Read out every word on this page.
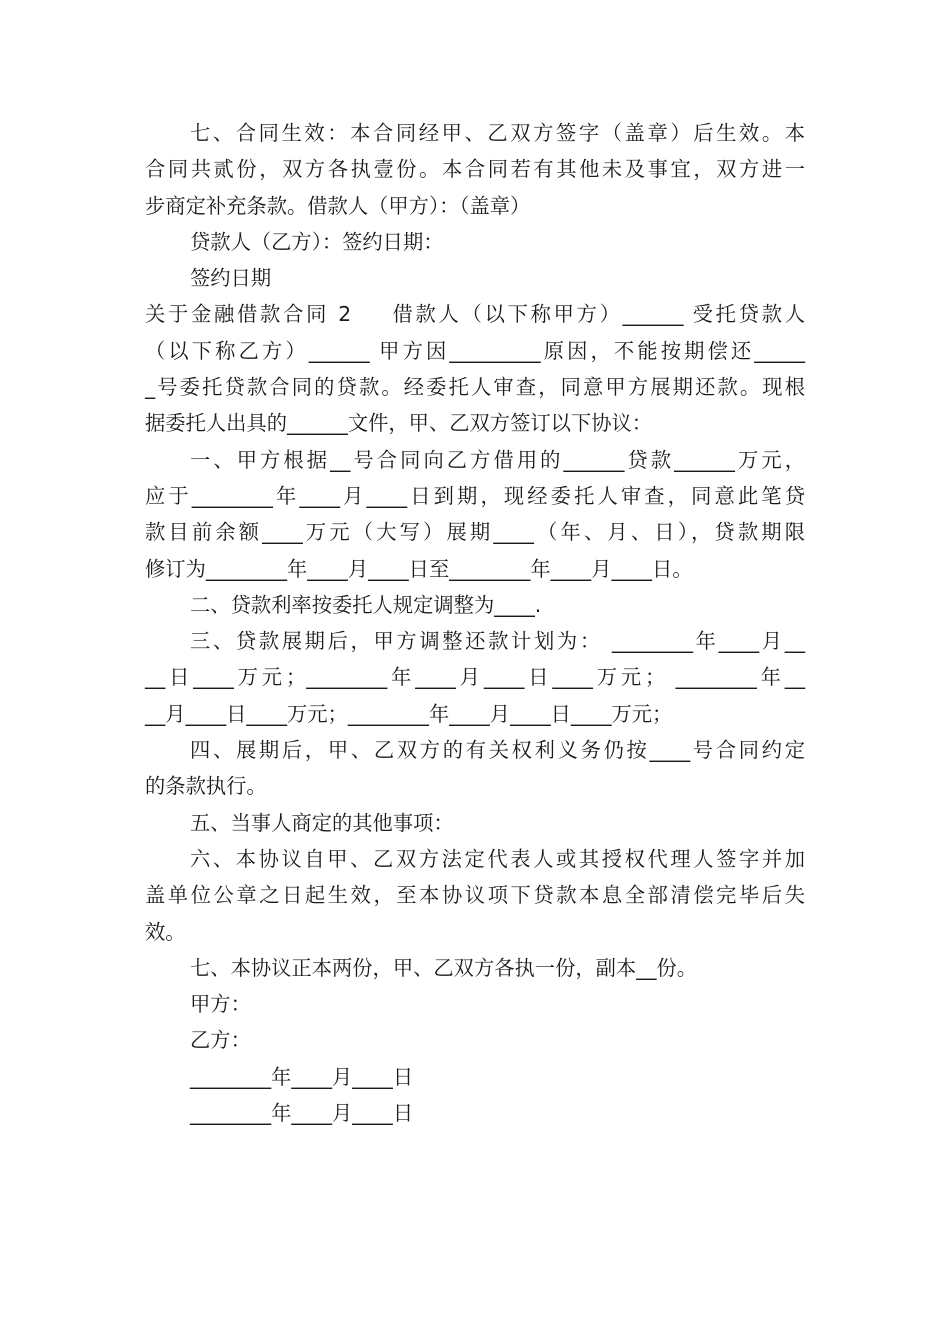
七、合同生效：本合同经甲、乙双方签字（盖章）后生效。本
合同共贰份，双方各执壹份。本合同若有其他未及事宜，双方进一
步商定补充条款。借款人（甲方）：（盖章）
贷款人（乙方）：签约日期：
签约日期
关于金融借款合同 2 　 借款人（以下称甲方）______ 受托贷款人
（以下称乙方）______ 甲方因_________原因，不能按期偿还_____
_号委托贷款合同的贷款。经委托人审查，同意甲方展期还款。现根
据委托人出具的______文件，甲、乙双方签订以下协议：
一、甲方根据__号合同向乙方借用的______贷款______万元，
应于________年____月____日到期，现经委托人审查，同意此笔贷
款目前余额____万元（大写）展期____（年、月、日），贷款期限
修订为________年____月____日至________年____月____日。
二、贷款利率按委托人规定调整为____.
三、贷款展期后，甲方调整还款计划为： ________年____月__
__日____万元；________年____月____日____万元； ________年__
__月____日____万元；________年____月____日____万元；
四、展期后，甲、乙双方的有关权利义务仍按____号合同约定
的条款执行。
五、当事人商定的其他事项：
六、本协议自甲、乙双方法定代表人或其授权代理人签字并加
盖单位公章之日起生效，至本协议项下贷款本息全部清偿完毕后失
效。
七、本协议正本两份，甲、乙双方各执一份，副本__份。
甲方：
乙方：
________年____月____日
________年____月____日
